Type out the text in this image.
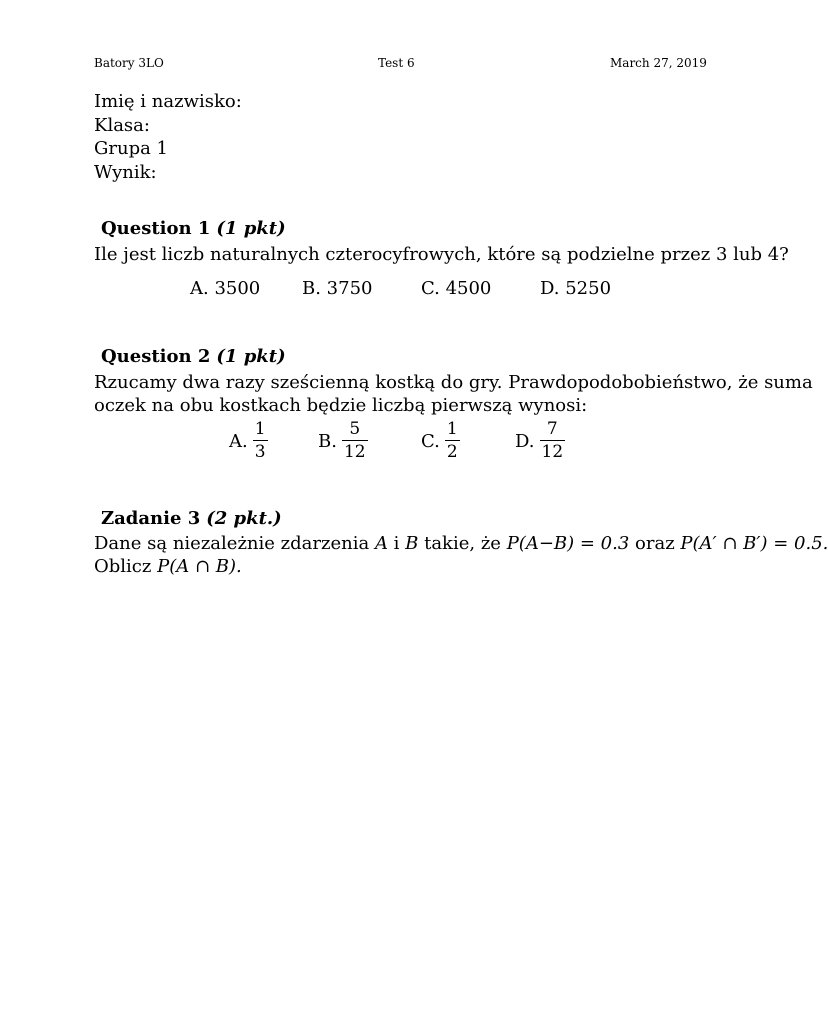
Batory 3LO	Test 6	March 27, 2019
Imię i nazwisko:
Klasa:
Grupa 1
Wynik:
Question 1 (1 pkt)
Ile jest liczb naturalnych czterocyfrowych, które są podzielne przez 3 lub 4?
A. 3500 B. 3750	C. 4500	D. 5250
Question 2 (1 pkt)
Rzucamy dwa razy sześcienną kostką do gry. Prawdopodobobieństwo, że suma
oczek na obu kostkach będzie liczbą pierwszą wynosi:
A. $\frac{1}{3}$	B. $\frac{5}{12}$	C. $\frac{1}{2}$	D. $\frac{7}{12}$
Zadanie 3 (2 pkt.)
Dane są niezależnie zdarzenia A i B takie, że P(A−B) = 0.3 oraz P(A′ ∩ B′) = 0.5.
Oblicz P(A ∩ B).
